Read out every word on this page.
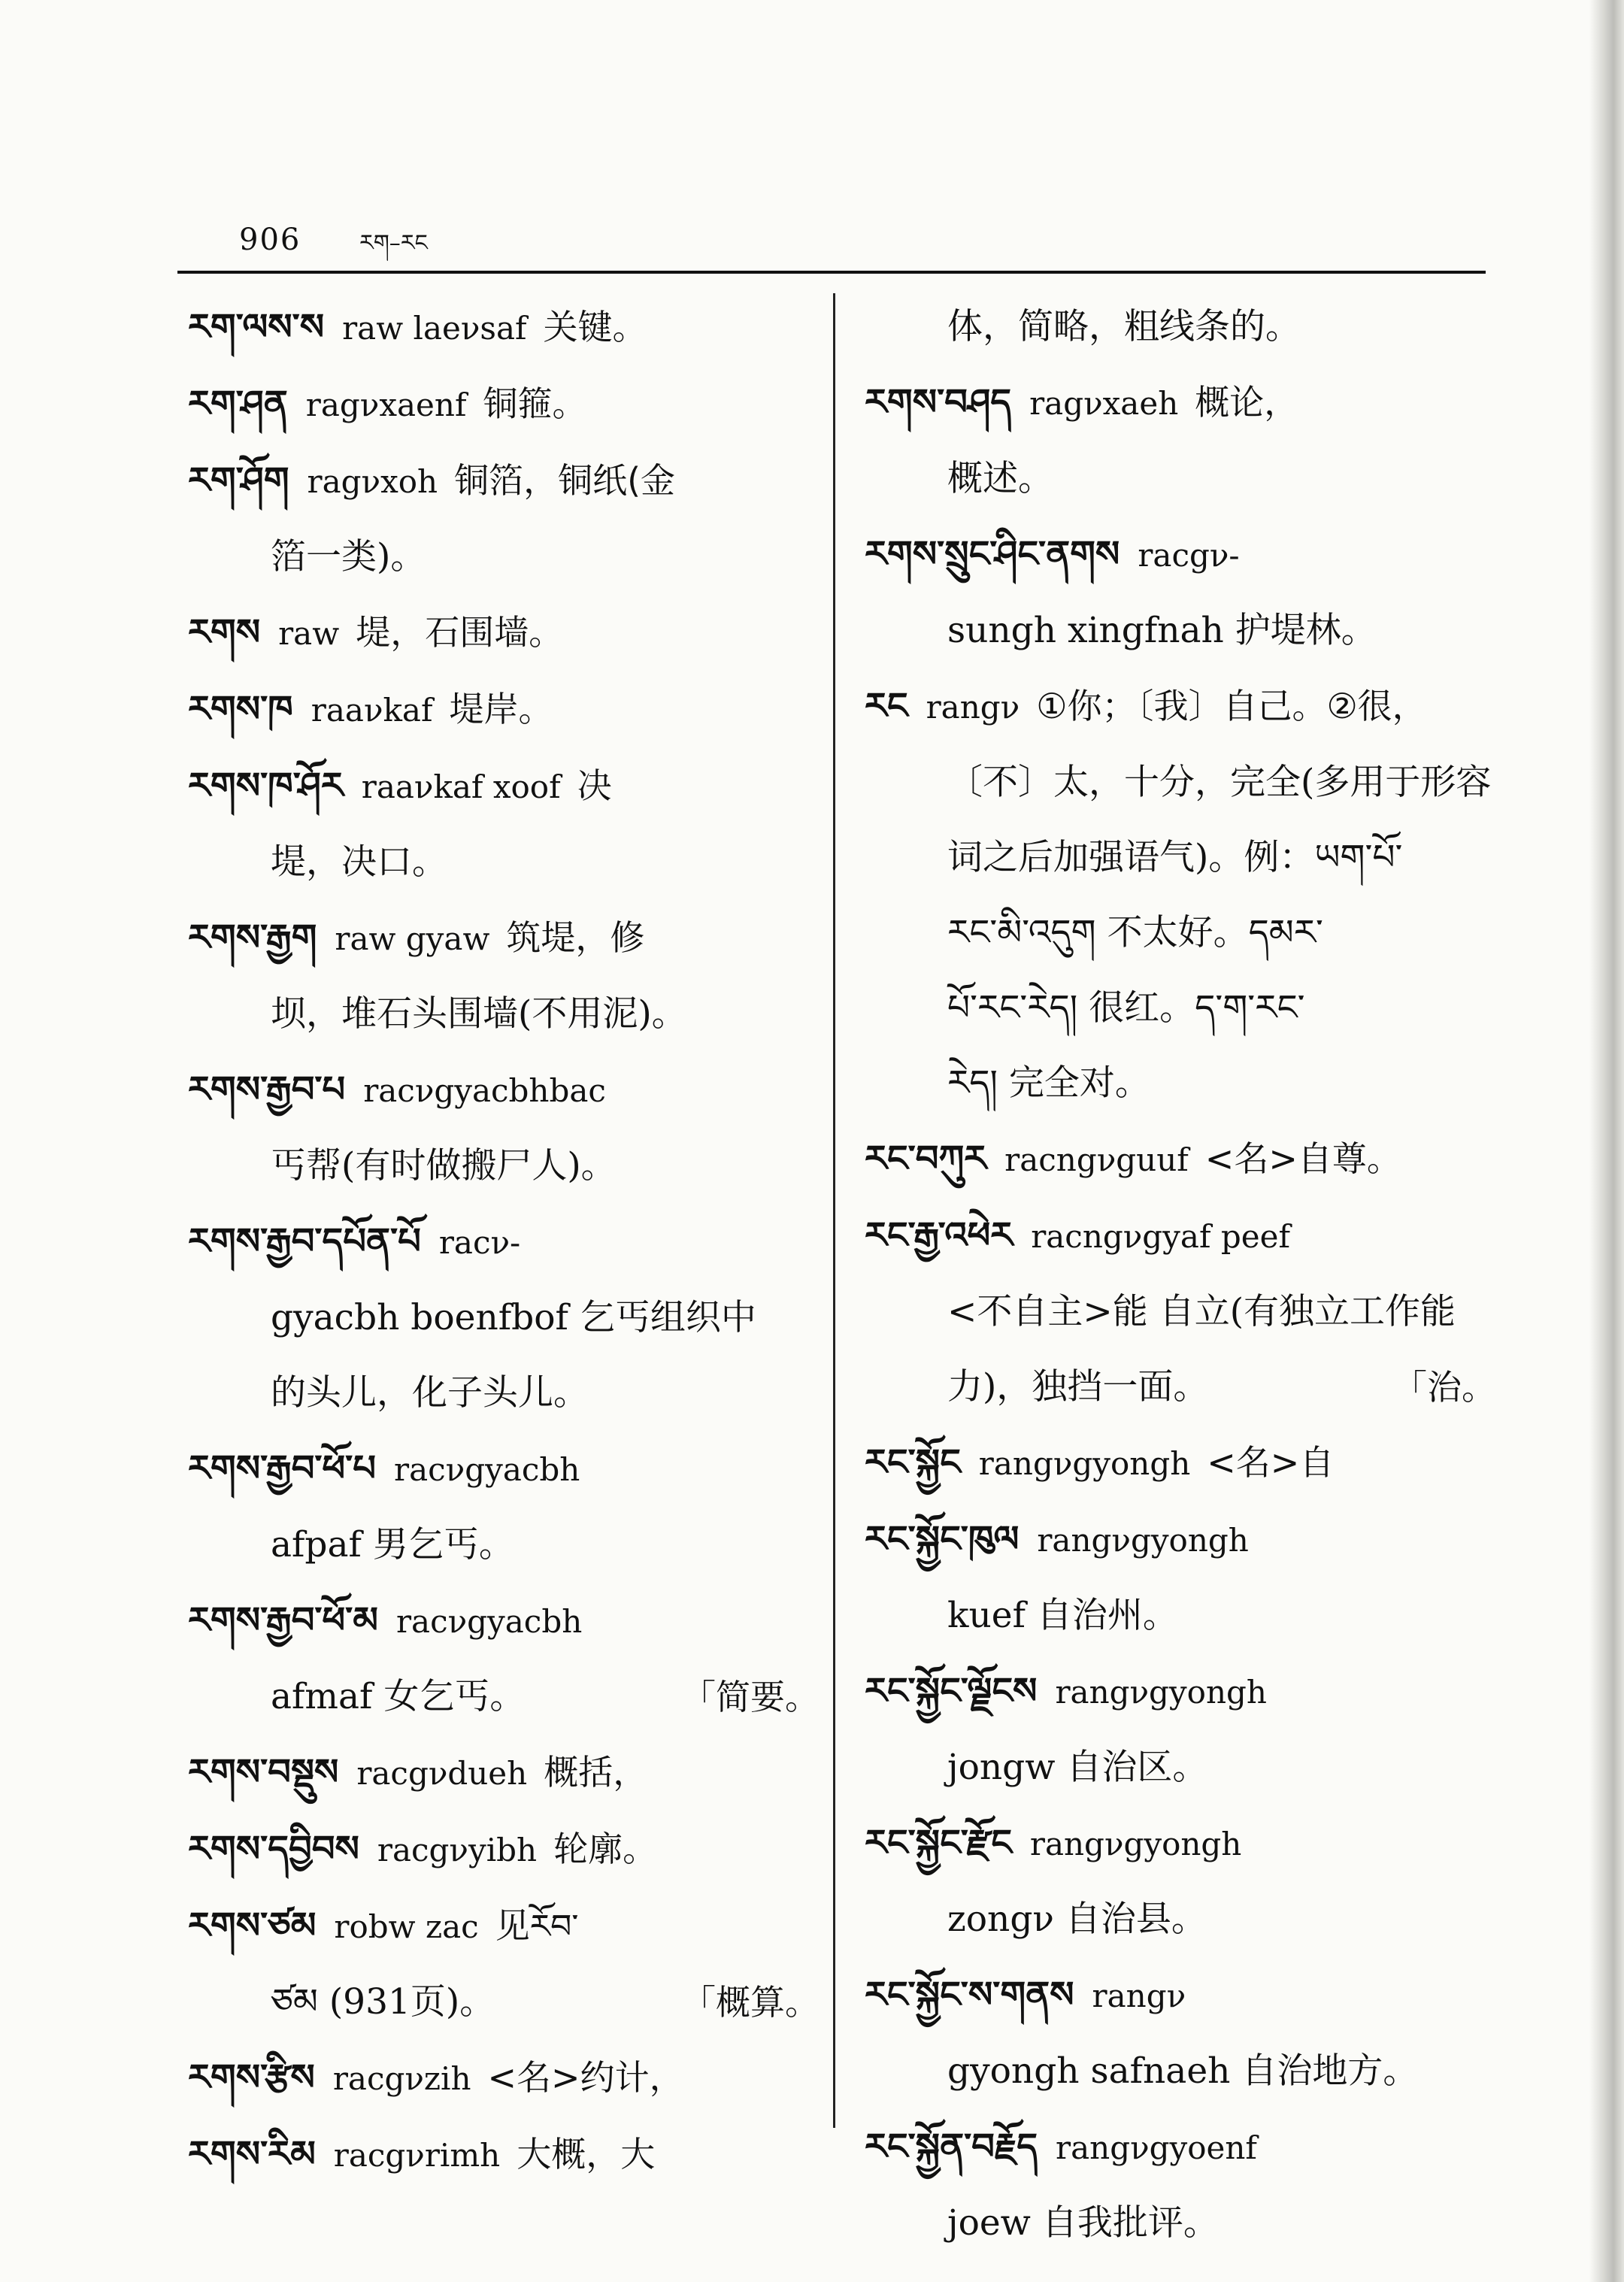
906	རག–རང

རག་ལས་ས raw laeνsaf 关键。

རག་ཤན ragνxaenf 铜箍。

རག་ཤོག ragνxoh 铜箔，铜纸(金

箔一类)。

རགས raw 堤，石围墙。

རགས་ཁ raaνkaf 堤岸。

རགས་ཁ་ཤོར raaνkaf xoof 决

堤，决口。

རགས་རྒྱག raw gyaw 筑堤，修

坝，堆石头围墙(不用泥)。

རགས་རྒྱབ་པ racνgyacbhbac

丐帮(有时做搬尸人)。

རགས་རྒྱབ་དཔོན་པོ racν-

gyacbh boenfbof 乞丐组织中

的头儿，化子头儿。

རགས་རྒྱབ་ཕོ་པ racνgyacbh

afpaf 男乞丐。

རགས་རྒྱབ་ཕོ་མ racνgyacbh

afmaf 女乞丐。	「简要。

རགས་བསྡུས racgνdueh 概括，

རགས་དབྱིབས racgνyibh 轮廓。

རགས་ཙམ robw zac 见རོབ་

ཙམ (931页)。	「概算。

རགས་རྩིས racgνzih <名>约计，

རགས་རིམ racgνrimh 大概，大

体，简略，粗线条的。

རགས་བཤད ragνxaeh 概论，

概述。

རགས་སྲུང་ཤིང་ནགས racgν-

sungh xingfnah 护堤林。

རང rangν ①你；〔我〕自己。②很，

〔不〕太，十分，完全(多用于形容

词之后加强语气)。例：ཡག་པོ་

རང་མི་འདུག 不太好。དམར་

པོ་རང་རེད། 很红。ད་ག་རང་

རེད། 完全对。

རང་བཀུར racngνguuf <名>自尊。

རང་རྒྱ་འཕེར racngνgyaf peef

<不自主>能 自立(有独立工作能

力)，独挡一面。	「治。

རང་སྐྱོང rangνgyongh <名>自

རང་སྐྱོང་ཁུལ rangνgyongh

kuef 自治州。

རང་སྐྱོང་ལྗོངས rangνgyongh

jongw 自治区。

རང་སྐྱོང་རྫོང rangνgyongh

zongν 自治县。

རང་སྐྱོང་ས་གནས rangν

gyongh safnaeh 自治地方。

རང་སྐྱོན་བརྗོད rangνgyoenf

joew 自我批评。
